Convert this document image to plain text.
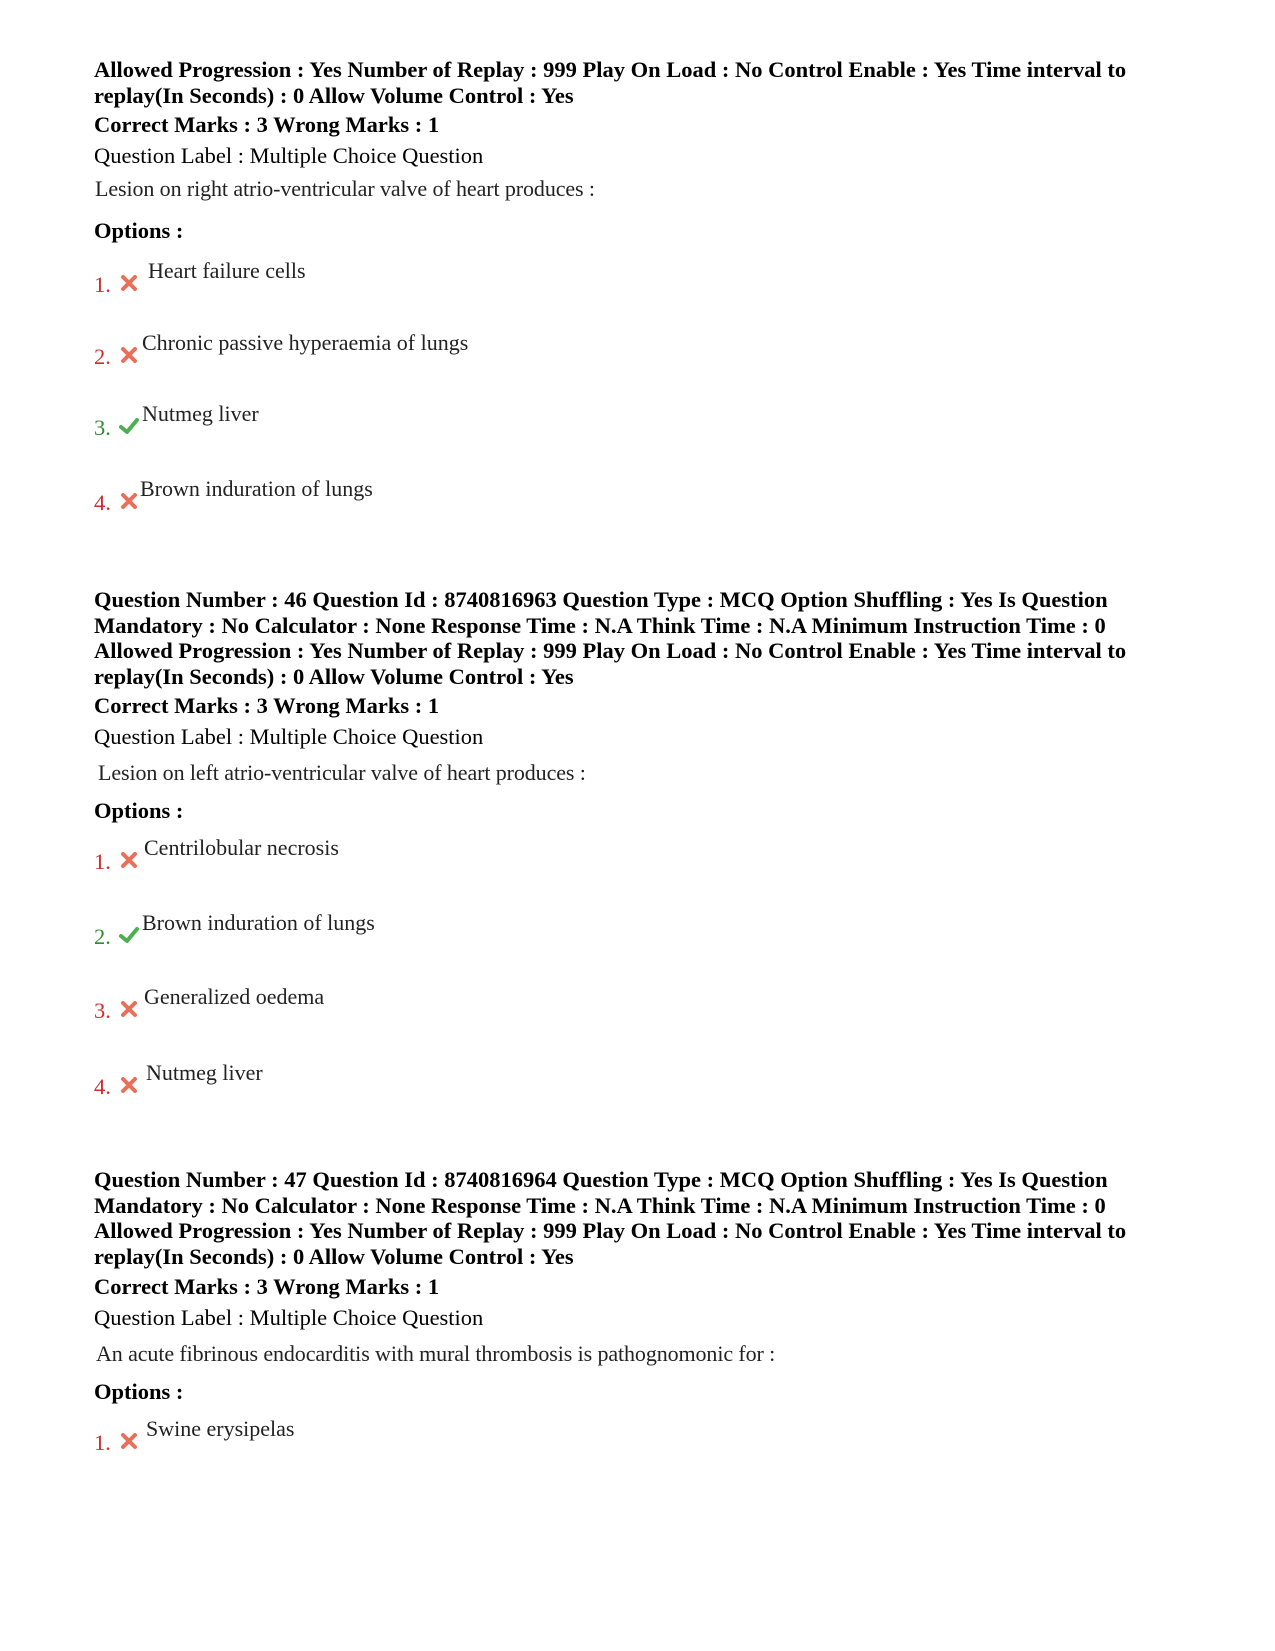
Allowed Progression : Yes Number of Replay : 999 Play On Load : No Control Enable : Yes Time interval to
replay(In Seconds) : 0 Allow Volume Control : Yes
Correct Marks : 3 Wrong Marks : 1
Question Label : Multiple Choice Question
Lesion on right atrio-ventricular valve of heart produces :
Options :
1.
Heart failure cells
2.
Chronic passive hyperaemia of lungs
3.
Nutmeg liver
4.
Brown induration of lungs
Question Number : 46 Question Id : 8740816963 Question Type : MCQ Option Shuffling : Yes Is Question
Mandatory : No Calculator : None Response Time : N.A Think Time : N.A Minimum Instruction Time : 0
Allowed Progression : Yes Number of Replay : 999 Play On Load : No Control Enable : Yes Time interval to
replay(In Seconds) : 0 Allow Volume Control : Yes
Correct Marks : 3 Wrong Marks : 1
Question Label : Multiple Choice Question
Lesion on left atrio-ventricular valve of heart produces :
Options :
1.
Centrilobular necrosis
2.
Brown induration of lungs
3.
Generalized oedema
4.
Nutmeg liver
Question Number : 47 Question Id : 8740816964 Question Type : MCQ Option Shuffling : Yes Is Question
Mandatory : No Calculator : None Response Time : N.A Think Time : N.A Minimum Instruction Time : 0
Allowed Progression : Yes Number of Replay : 999 Play On Load : No Control Enable : Yes Time interval to
replay(In Seconds) : 0 Allow Volume Control : Yes
Correct Marks : 3 Wrong Marks : 1
Question Label : Multiple Choice Question
An acute fibrinous endocarditis with mural thrombosis is pathognomonic for :
Options :
1.
Swine erysipelas
